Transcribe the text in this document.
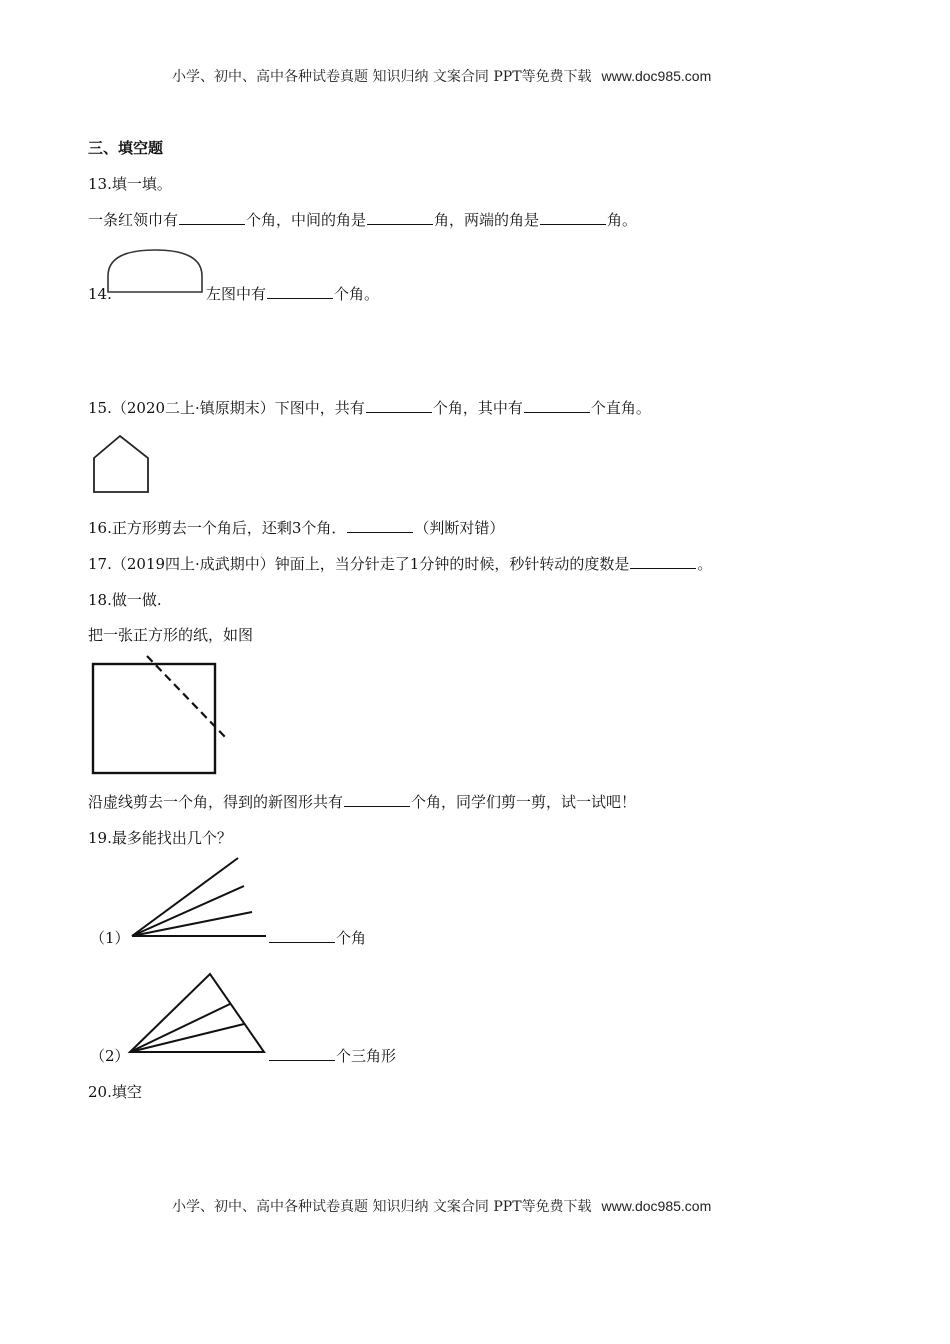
小学、初中、高中各种试卷真题 知识归纳 文案合同 PPT等免费下载 www.doc985.com
三、填空题
13.填一填。
一条红领巾有	个角，中间的角是	角，两端的角是	角。
14.	左图中有	个角。
15.（2020二上·镇原期末）下图中，共有	个角，其中有	个直角。
16.正方形剪去一个角后，还剩3个角．	（判断对错）
17.（2019四上·成武期中）钟面上，当分针走了1分钟的时候，秒针转动的度数是	。
18.做一做.
把一张正方形的纸，如图
沿虚线剪去一个角，得到的新图形共有	个角，同学们剪一剪，试一试吧！
19.最多能找出几个？
（1）	个角
（2）	个三角形
20.填空
小学、初中、高中各种试卷真题 知识归纳 文案合同 PPT等免费下载 www.doc985.com
